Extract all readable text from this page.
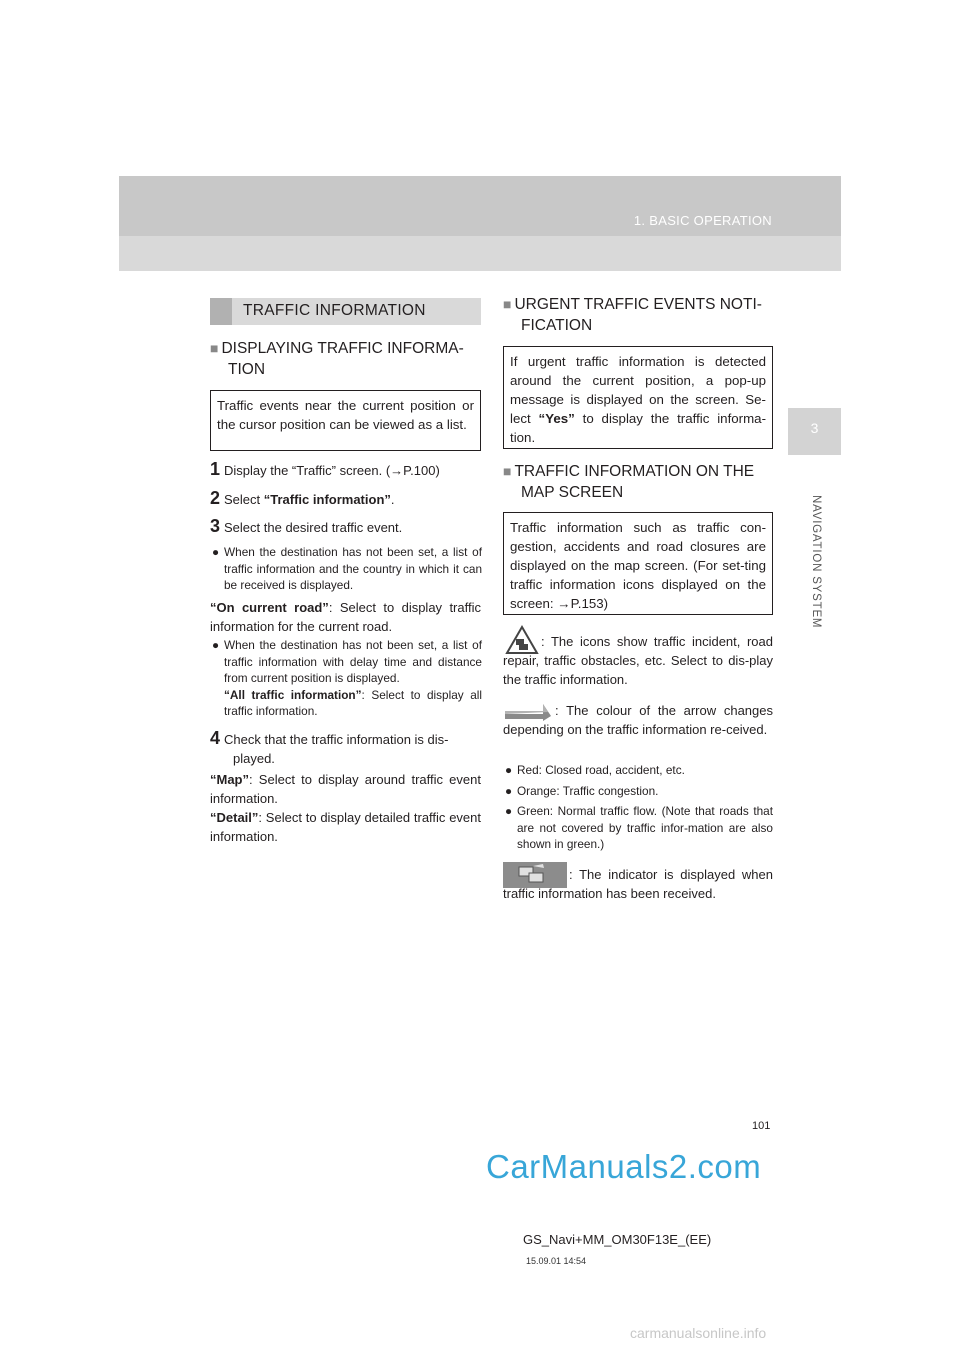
1. BASIC OPERATION
3
NAVIGATION SYSTEM
TRAFFIC INFORMATION
■ DISPLAYING TRAFFIC INFORMA-
TION
Traffic events near the current position or the cursor position can be viewed as a list.
1 Display the “Traffic” screen. (→P.100)
2 Select “Traffic information”.
3 Select the desired traffic event.
● When the destination has not been set, a list of traffic information and the country in which it can be received is displayed.
“On current road”: Select to display traffic information for the current road.
● When the destination has not been set, a list of traffic information with delay time and distance from current position is displayed.
“All traffic information”: Select to display all traffic information.
4 Check that the traffic information is dis-
played.
“Map”: Select to display around traffic event information.
“Detail”: Select to display detailed traffic event information.
■ URGENT TRAFFIC EVENTS NOTI-
FICATION
If urgent traffic information is detected around the current position, a pop-up message is displayed on the screen. Se-lect “Yes” to display the traffic informa-tion.
■ TRAFFIC INFORMATION ON THE
MAP SCREEN
Traffic information such as traffic con-gestion, accidents and road closures are displayed on the map screen. (For set-ting traffic information icons displayed on the screen: →P.153)
: The icons show traffic incident, road repair, traffic obstacles, etc. Select to dis-play the traffic information.
: The colour of the arrow changes depending on the traffic information re-ceived.
● Red: Closed road, accident, etc.
● Orange: Traffic congestion.
● Green: Normal traffic flow. (Note that roads that are not covered by traffic infor-mation are also shown in green.)
: The indicator is displayed when traffic information has been received.
101
CarManuals2.com
GS_Navi+MM_OM30F13E_(EE)
15.09.01 14:54
carmanualsonline.info
